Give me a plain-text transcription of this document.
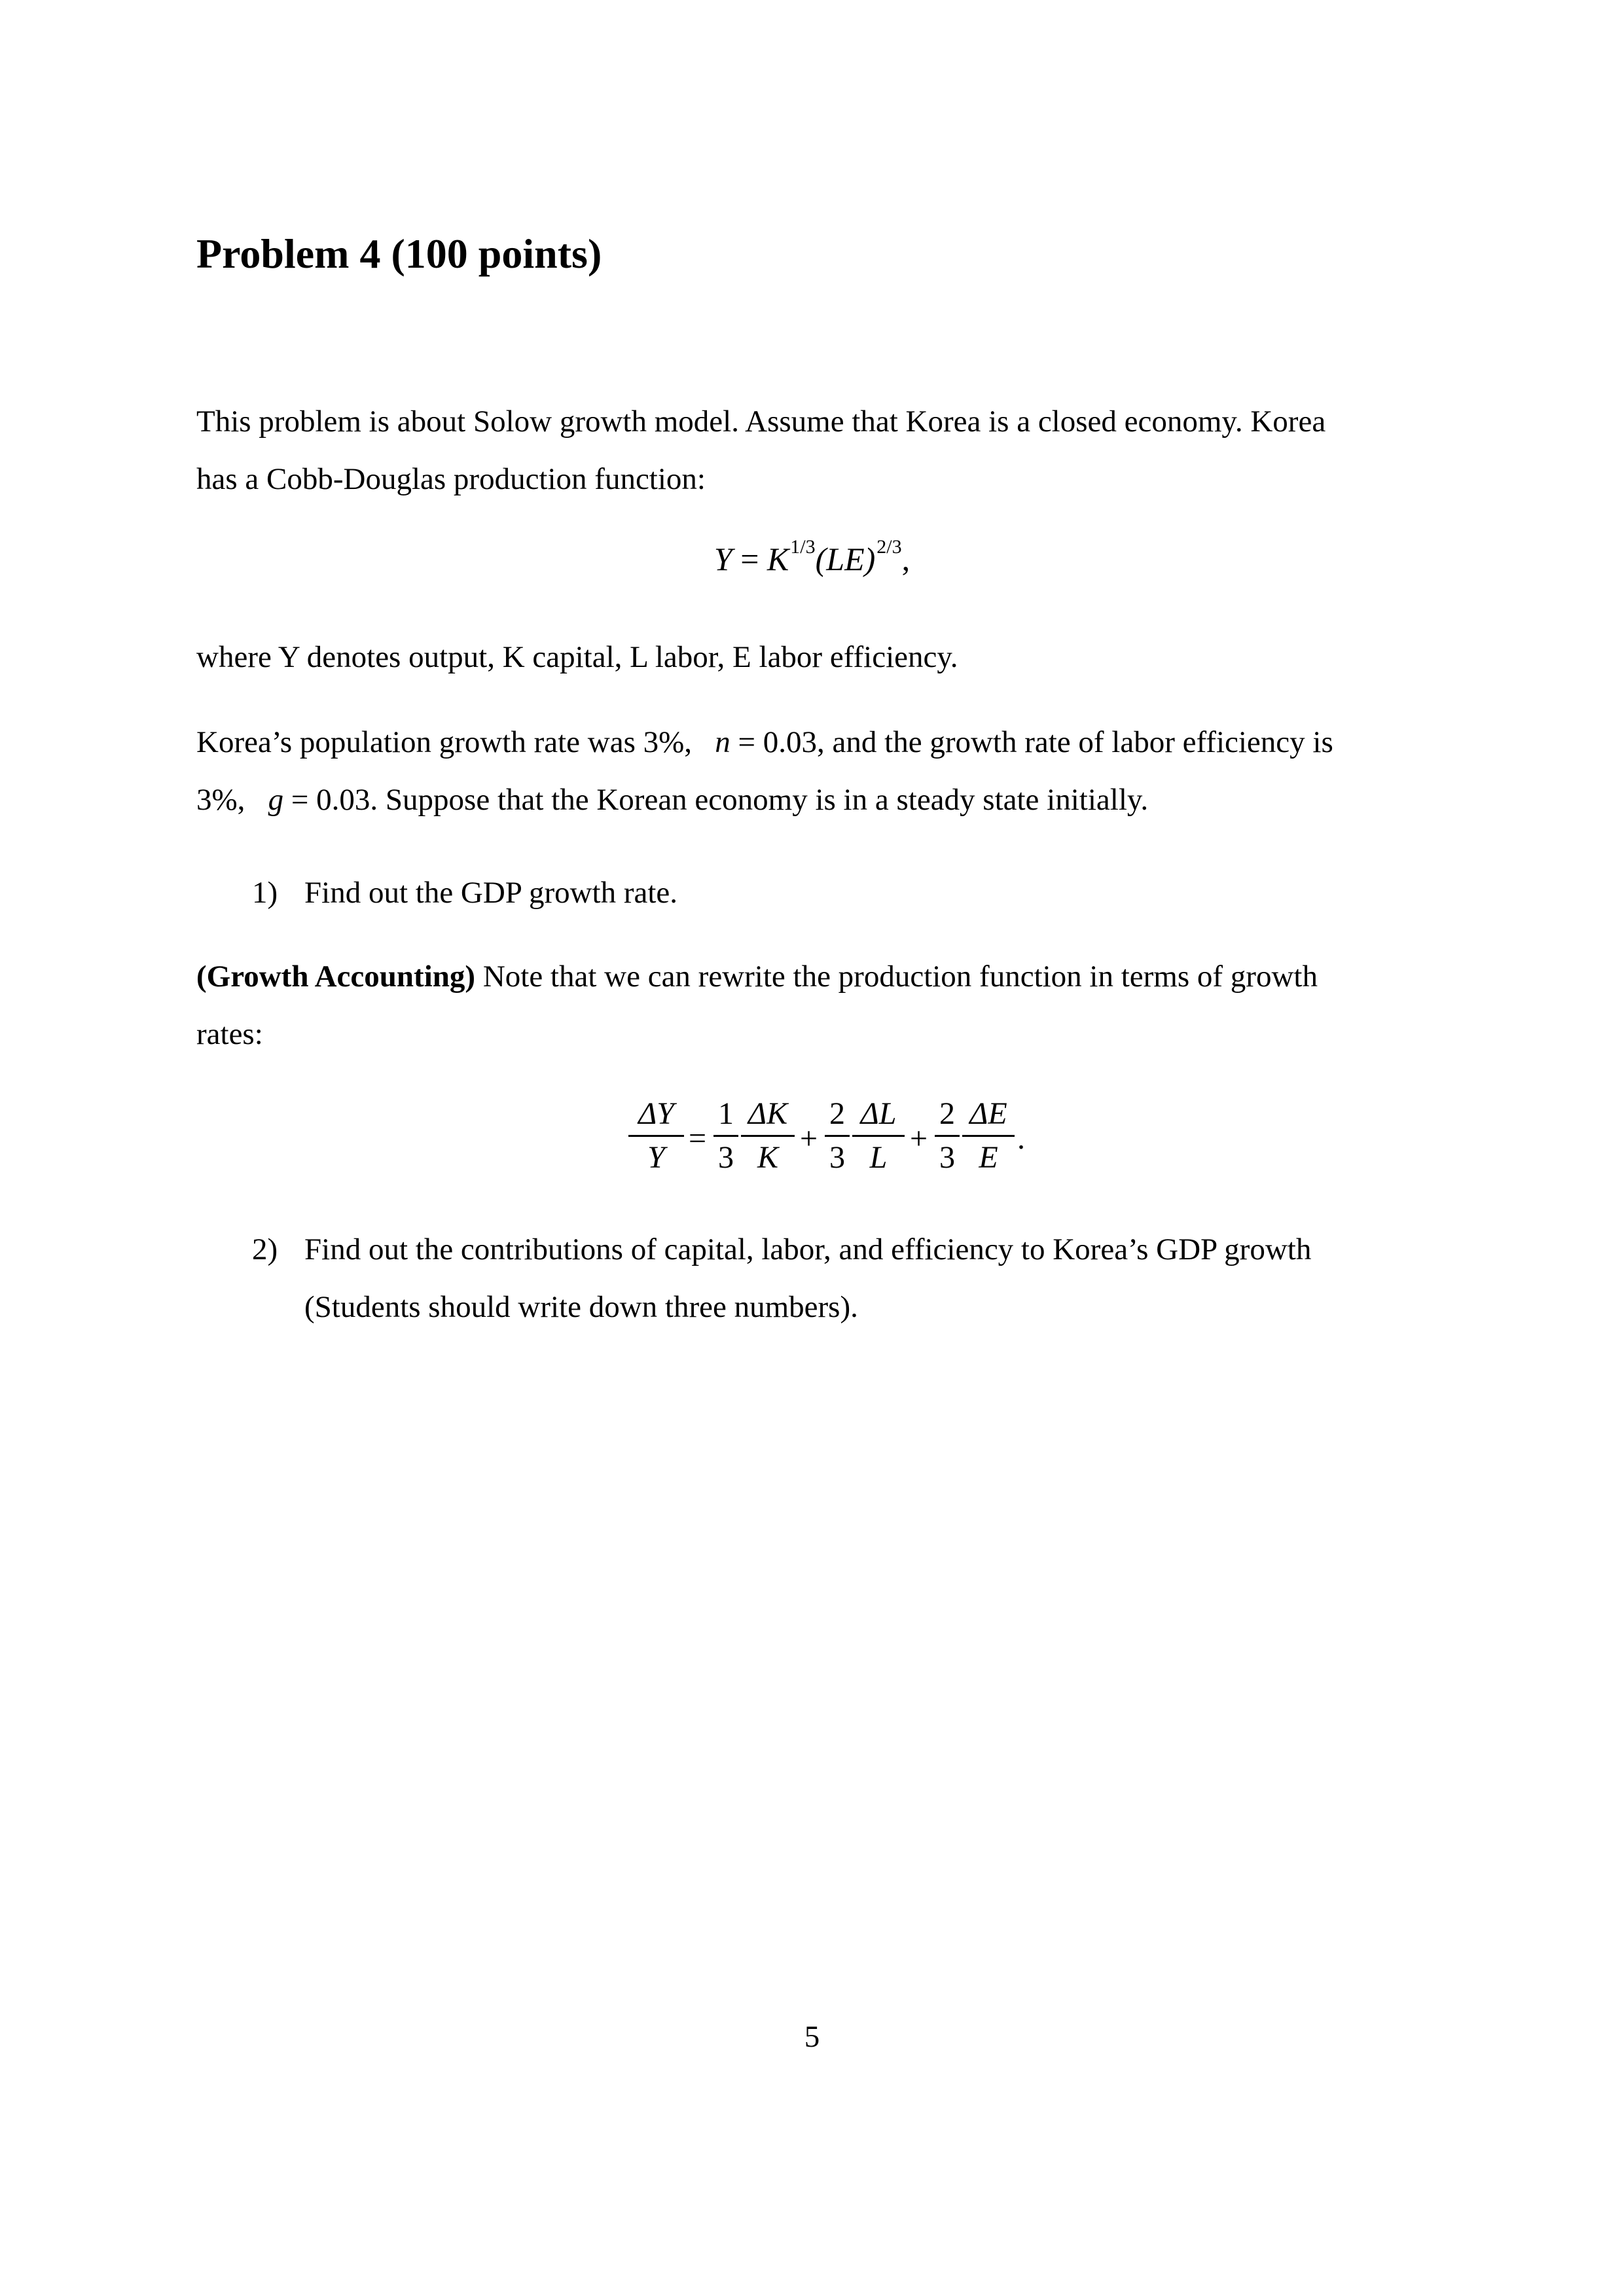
Problem 4 (100 points)

This problem is about Solow growth model. Assume that Korea is a closed economy. Korea
has a Cobb-Douglas production function:

$Y = K^{1/3}(LE)^{2/3}$,

where Y denotes output, K capital, L labor, E labor efficiency.

Korea’s population growth rate was 3%, n = 0.03, and the growth rate of labor efficiency is
3%, g = 0.03. Suppose that the Korean economy is in a steady state initially.

1) Find out the GDP growth rate.

(Growth Accounting) Note that we can rewrite the production function in terms of growth
rates:

ΔY
Y
=
1
3
ΔK
K
+
2
3
ΔL
L
+
2
3
ΔE
E
.
2) Find out the contributions of capital, labor, and efficiency to Korea’s GDP growth
(Students should write down three numbers).
5
